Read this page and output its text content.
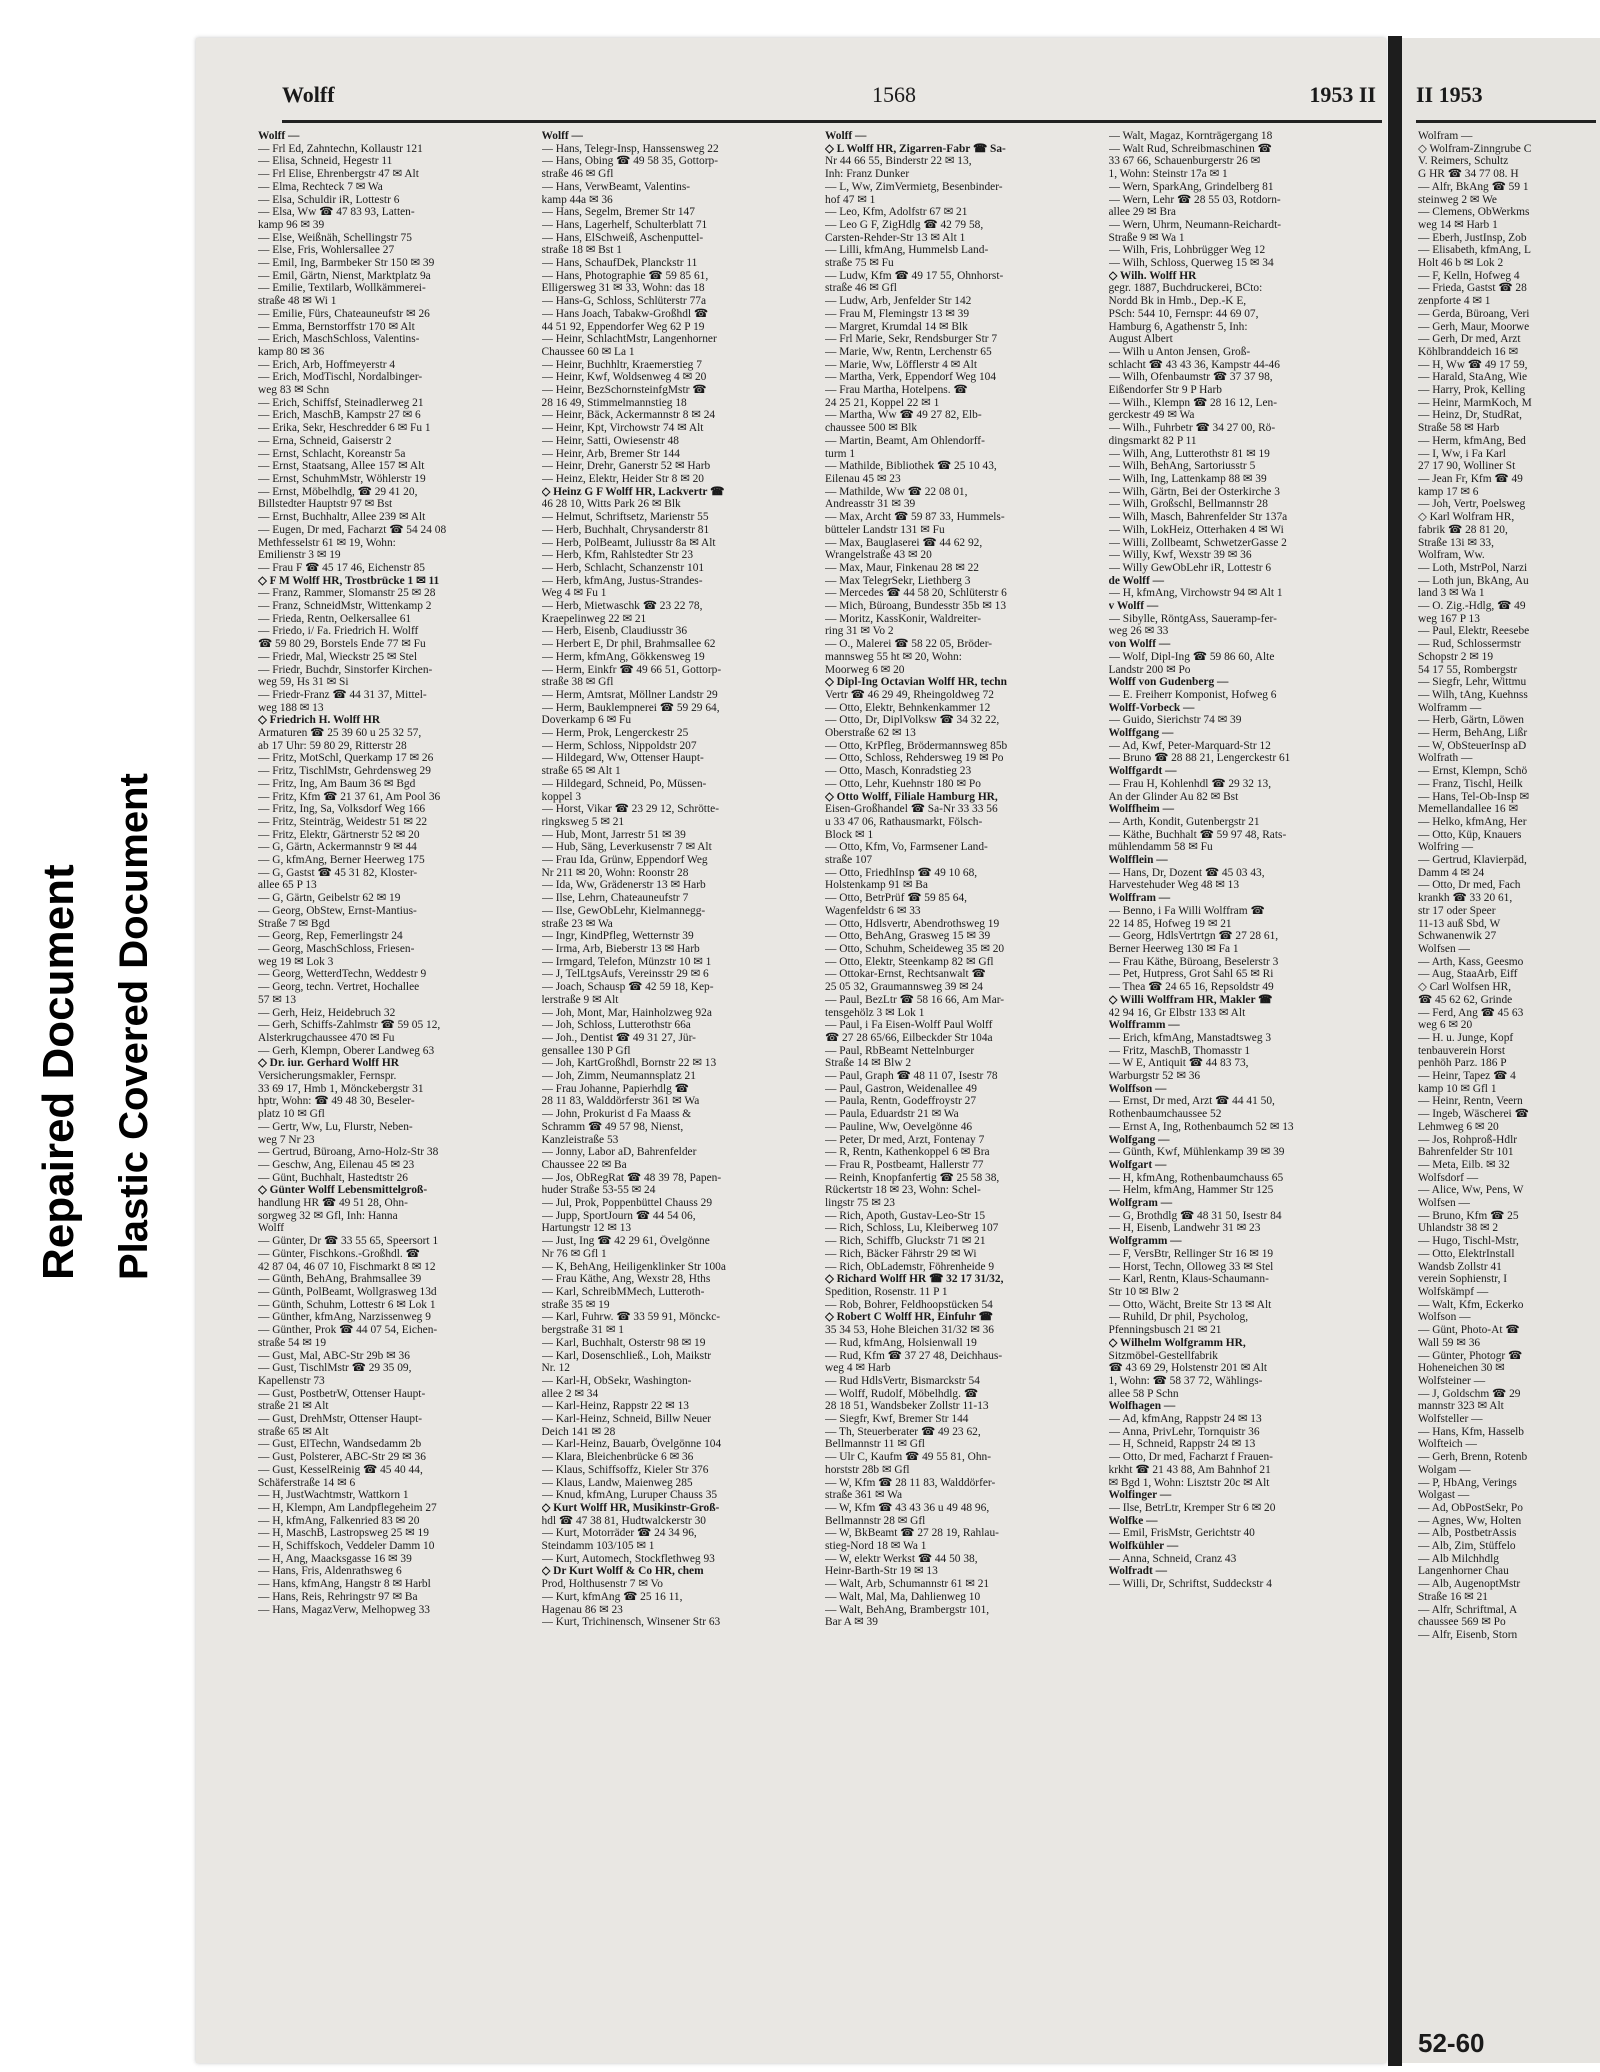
Repaired Document Plastic Covered Document
Wolff	1568	1953 II
Wolff —
— Frl Ed, Zahntechn, Kollaustr 121
— Elisa, Schneid, Hegestr 11
— Frl Elise, Ehrenbergstr 47 ✉ Alt
— Elma, Rechteck 7 ✉ Wa
— Elsa, Schuldir iR, Lottestr 6
— Elsa, Ww ☎ 47 83 93, Latten-
kamp 96 ✉ 39
— Else, Weißnäh, Schellingstr 75
— Else, Fris, Wohlersallee 27
— Emil, Ing, Barmbeker Str 150 ✉ 39
— Emil, Gärtn, Nienst, Marktplatz 9a
— Emilie, Textilarb, Wollkämmerei-
straße 48 ✉ Wi 1
— Emilie, Fürs, Chateauneufstr ✉ 26
— Emma, Bernstorffstr 170 ✉ Alt
— Erich, MaschSchloss, Valentins-
kamp 80 ✉ 36
— Erich, Arb, Hoffmeyerstr 4
— Erich, ModTischl, Nordalbinger-
weg 83 ✉ Schn
— Erich, Schiffsf, Steinadlerweg 21
— Erich, MaschB, Kampstr 27 ✉ 6
— Erika, Sekr, Heschredder 6 ✉ Fu 1
— Erna, Schneid, Gaiserstr 2
— Ernst, Schlacht, Koreanstr 5a
— Ernst, Staatsang, Allee 157 ✉ Alt
— Ernst, SchuhmMstr, Wöhlerstr 19
— Ernst, Möbelhdlg, ☎ 29 41 20,
Billstedter Hauptstr 97 ✉ Bst
— Ernst, Buchhaltr, Allee 239 ✉ Alt
— Eugen, Dr med, Facharzt ☎ 54 24 08
Methfesselstr 61 ✉ 19, Wohn:
Emilienstr 3 ✉ 19
— Frau F ☎ 45 17 46, Eichenstr 85
◇ F M Wolff HR, Trostbrücke 1 ✉ 11
— Franz, Rammer, Slomanstr 25 ✉ 28
— Franz, SchneidMstr, Wittenkamp 2
— Frieda, Rentn, Oelkersallee 61
— Friedo, i/ Fa. Friedrich H. Wolff
☎ 59 80 29, Borstels Ende 77 ✉ Fu
— Friedr, Mal, Wieckstr 25 ✉ Stel
— Friedr, Buchdr, Sinstorfer Kirchen-
weg 59, Hs 31 ✉ Si
— Friedr-Franz ☎ 44 31 37, Mittel-
weg 188 ✉ 13
◇ Friedrich H. Wolff HR
Armaturen ☎ 25 39 60 u 25 32 57,
ab 17 Uhr: 59 80 29, Ritterstr 28
— Fritz, MotSchl, Querkamp 17 ✉ 26
— Fritz, TischlMstr, Gehrdensweg 29
— Fritz, Ing, Am Baum 36 ✉ Bgd
— Fritz, Kfm ☎ 21 37 61, Am Pool 36
— Fritz, Ing, Sa, Volksdorf Weg 166
— Fritz, Steinträg, Weidestr 51 ✉ 22
— Fritz, Elektr, Gärtnerstr 52 ✉ 20
— G, Gärtn, Ackermannstr 9 ✉ 44
— G, kfmAng, Berner Heerweg 175
— G, Gastst ☎ 45 31 82, Kloster-
allee 65 P 13
— G, Gärtn, Geibelstr 62 ✉ 19
— Georg, ObStew, Ernst-Mantius-
Straße 7 ✉ Bgd
— Georg, Rep, Femerlingstr 24
— Georg, MaschSchloss, Friesen-
weg 19 ✉ Lok 3
— Georg, WetterdTechn, Weddestr 9
— Georg, techn. Vertret, Hochallee
57 ✉ 13
— Gerh, Heiz, Heidebruch 32
— Gerh, Schiffs-Zahlmstr ☎ 59 05 12,
Alsterkrugchaussee 470 ✉ Fu
— Gerh, Klempn, Oberer Landweg 63
◇ Dr. iur. Gerhard Wolff HR
Versicherungsmakler, Fernspr.
33 69 17, Hmb 1, Mönckebergstr 31
hptr, Wohn: ☎ 49 48 30, Beseler-
platz 10 ✉ Gfl
— Gertr, Ww, Lu, Flurstr, Neben-
weg 7 Nr 23
— Gertrud, Büroang, Arno-Holz-Str 38
— Geschw, Ang, Eilenau 45 ✉ 23
— Günt, Buchhalt, Hastedtstr 26
◇ Günter Wolff Lebensmittelgroß-
handlung HR ☎ 49 51 28, Ohn-
sorgweg 32 ✉ Gfl, Inh: Hanna
Wolff
— Günter, Dr ☎ 33 55 65, Speersort 1
— Günter, Fischkons.-Großhdl. ☎
42 87 04, 46 07 10, Fischmarkt 8 ✉ 12
— Günth, BehAng, Brahmsallee 39
— Günth, PolBeamt, Wollgrasweg 13d
— Günth, Schuhm, Lottestr 6 ✉ Lok 1
— Günther, kfmAng, Narzissenweg 9
— Günther, Prok ☎ 44 07 54, Eichen-
straße 54 ✉ 19
— Gust, Mal, ABC-Str 29b ✉ 36
— Gust, TischlMstr ☎ 29 35 09,
Kapellenstr 73
— Gust, PostbetrW, Ottenser Haupt-
straße 21 ✉ Alt
— Gust, DrehMstr, Ottenser Haupt-
straße 65 ✉ Alt
— Gust, ElTechn, Wandsedamm 2b
— Gust, Polsterer, ABC-Str 29 ✉ 36
— Gust, KesselReinig ☎ 45 40 44,
Schäferstraße 14 ✉ 6
— H, JustWachtmstr, Wattkorn 1
— H, Klempn, Am Landpflegeheim 27
— H, kfmAng, Falkenried 83 ✉ 20
— H, MaschB, Lastropsweg 25 ✉ 19
— H, Schiffskoch, Veddeler Damm 10
— H, Ang, Maacksgasse 16 ✉ 39
— Hans, Fris, Aldenrathsweg 6
— Hans, kfmAng, Hangstr 8 ✉ Harbl
— Hans, Reis, Rehringstr 97 ✉ Ba
— Hans, MagazVerw, Melhopweg 33
Wolff —
— Hans, Telegr-Insp, Hanssensweg 22
— Hans, Obing ☎ 49 58 35, Gottorp-
straße 46 ✉ Gfl
— Hans, VerwBeamt, Valentins-
kamp 44a ✉ 36
— Hans, Segelm, Bremer Str 147
— Hans, Lagerhelf, Schulterblatt 71
— Hans, ElSchweiß, Aschenputtel-
straße 18 ✉ Bst 1
— Hans, SchaufDek, Planckstr 11
— Hans, Photographie ☎ 59 85 61,
Elligersweg 31 ✉ 33, Wohn: das 18
— Hans-G, Schloss, Schlüterstr 77a
— Hans Joach, Tabakw-Großhdl ☎
44 51 92, Eppendorfer Weg 62 P 19
— Heinr, SchlachtMstr, Langenhorner
Chaussee 60 ✉ La 1
— Heinr, Buchhltr, Kraemerstieg 7
— Heinr, Kwf, Woldsenweg 4 ✉ 20
— Heinr, BezSchornsteinfgMstr ☎
28 16 49, Stimmelmannstieg 18
— Heinr, Bäck, Ackermannstr 8 ✉ 24
— Heinr, Kpt, Virchowstr 74 ✉ Alt
— Heinr, Satti, Owiesenstr 48
— Heinr, Arb, Bremer Str 144
— Heinr, Drehr, Ganerstr 52 ✉ Harb
— Heinz, Elektr, Heider Str 8 ✉ 20
◇ Heinz G F Wolff HR, Lackvertr ☎
46 28 10, Witts Park 26 ✉ Blk
— Helmut, Schriftsetz, Marienstr 55
— Herb, Buchhalt, Chrysanderstr 81
— Herb, PolBeamt, Juliusstr 8a ✉ Alt
— Herb, Kfm, Rahlstedter Str 23
— Herb, Schlacht, Schanzenstr 101
— Herb, kfmAng, Justus-Strandes-
Weg 4 ✉ Fu 1
— Herb, Mietwaschk ☎ 23 22 78,
Kraepelinweg 22 ✉ 21
— Herb, Eisenb, Claudiusstr 36
— Herbert E, Dr phil, Brahmsallee 62
— Herm, kfmAng, Gökkensweg 19
— Herm, Einkfr ☎ 49 66 51, Gottorp-
straße 38 ✉ Gfl
— Herm, Amtsrat, Möllner Landstr 29
— Herm, Bauklempnerei ☎ 59 29 64,
Doverkamp 6 ✉ Fu
— Herm, Prok, Lengerckestr 25
— Herm, Schloss, Nippoldstr 207
— Hildegard, Ww, Ottenser Haupt-
straße 65 ✉ Alt 1
— Hildegard, Schneid, Po, Müssen-
koppel 3
— Horst, Vikar ☎ 23 29 12, Schrötte-
ringksweg 5 ✉ 21
— Hub, Mont, Jarrestr 51 ✉ 39
— Hub, Säng, Leverkusenstr 7 ✉ Alt
— Frau Ida, Grünw, Eppendorf Weg
Nr 211 ✉ 20, Wohn: Roonstr 28
— Ida, Ww, Grädenerstr 13 ✉ Harb
— Ilse, Lehrn, Chateauneufstr 7
— Ilse, GewObLehr, Kielmannegg-
straße 23 ✉ Wa
— Ingr, KindPfleg, Wetternstr 39
— Irma, Arb, Bieberstr 13 ✉ Harb
— Irmgard, Telefon, Münzstr 10 ✉ 1
— J, TelLtgsAufs, Vereinsstr 29 ✉ 6
— Joach, Schausp ☎ 42 59 18, Kep-
lerstraße 9 ✉ Alt
— Joh, Mont, Mar, Hainholzweg 92a
— Joh, Schloss, Lutterothstr 66a
— Joh., Dentist ☎ 49 31 27, Jür-
gensallee 130 P Gfl
— Joh, KartGroßhdl, Bornstr 22 ✉ 13
— Joh, Zimm, Neumannsplatz 21
— Frau Johanne, Papierhdlg ☎
28 11 83, Walddörferstr 361 ✉ Wa
— John, Prokurist d Fa Maass &
Schramm ☎ 49 57 98, Nienst,
Kanzleistraße 53
— Jonny, Labor aD, Bahrenfelder
Chaussee 22 ✉ Ba
— Jos, ObRegRat ☎ 48 39 78, Papen-
huder Straße 53-55 ✉ 24
— Jul, Prok, Poppenbüttel Chauss 29
— Jupp, SportJourn ☎ 44 54 06,
Hartungstr 12 ✉ 13
— Just, Ing ☎ 42 29 61, Övelgönne
Nr 76 ✉ Gfl 1
— K, BehAng, Heiligenklinker Str 100a
— Frau Käthe, Ang, Wexstr 28, Hths
— Karl, SchreibMMech, Lutteroth-
straße 35 ✉ 19
— Karl, Fuhrw. ☎ 33 59 91, Mönckc-
bergstraße 31 ✉ 1
— Karl, Buchhalt, Osterstr 98 ✉ 19
— Karl, Dosenschließ., Loh, Maikstr
Nr. 12
— Karl-H, ObSekr, Washington-
allee 2 ✉ 34
— Karl-Heinz, Rappstr 22 ✉ 13
— Karl-Heinz, Schneid, Billw Neuer
Deich 141 ✉ 28
— Karl-Heinz, Bauarb, Övelgönne 104
— Klara, Bleichenbrücke 6 ✉ 36
— Klaus, Schiffsoffz, Kieler Str 376
— Klaus, Landw, Maienweg 285
— Knud, kfmAng, Luruper Chauss 35
◇ Kurt Wolff HR, Musikinstr-Groß-
hdl ☎ 47 38 81, Hudtwalckerstr 30
— Kurt, Motorräder ☎ 24 34 96,
Steindamm 103/105 ✉ 1
— Kurt, Automech, Stockflethweg 93
◇ Dr Kurt Wolff & Co HR, chem
Prod, Holthusenstr 7 ✉ Vo
— Kurt, kfmAng ☎ 25 16 11,
Hagenau 86 ✉ 23
— Kurt, Trichinensch, Winsener Str 63
Wolff —
◇ L Wolff HR, Zigarren-Fabr ☎ Sa-
Nr 44 66 55, Binderstr 22 ✉ 13,
Inh: Franz Dunker
— L, Ww, ZimVermietg, Besenbinder-
hof 47 ✉ 1
— Leo, Kfm, Adolfstr 67 ✉ 21
— Leo G F, ZigHdlg ☎ 42 79 58,
Carsten-Rehder-Str 13 ✉ Alt 1
— Lilli, kfmAng, Hummelsb Land-
straße 75 ✉ Fu
— Ludw, Kfm ☎ 49 17 55, Ohnhorst-
straße 46 ✉ Gfl
— Ludw, Arb, Jenfelder Str 142
— Frau M, Flemingstr 13 ✉ 39
— Margret, Krumdal 14 ✉ Blk
— Frl Marie, Sekr, Rendsburger Str 7
— Marie, Ww, Rentn, Lerchenstr 65
— Marie, Ww, Löfflerstr 4 ✉ Alt
— Martha, Verk, Eppendorf Weg 104
— Frau Martha, Hotelpens. ☎
24 25 21, Koppel 22 ✉ 1
— Martha, Ww ☎ 49 27 82, Elb-
chaussee 500 ✉ Blk
— Martin, Beamt, Am Ohlendorff-
turm 1
— Mathilde, Bibliothek ☎ 25 10 43,
Eilenau 45 ✉ 23
— Mathilde, Ww ☎ 22 08 01,
Andreasstr 31 ✉ 39
— Max, Archt ☎ 59 87 33, Hummels-
bütteler Landstr 131 ✉ Fu
— Max, Bauglaserei ☎ 44 62 92,
Wrangelstraße 43 ✉ 20
— Max, Maur, Finkenau 28 ✉ 22
— Max TelegrSekr, Liethberg 3
— Mercedes ☎ 44 58 20, Schlüterstr 6
— Mich, Büroang, Bundesstr 35b ✉ 13
— Moritz, KassKonir, Waldreiter-
ring 31 ✉ Vo 2
— O., Malerei ☎ 58 22 05, Bröder-
mannsweg 55 ht ✉ 20, Wohn:
Moorweg 6 ✉ 20
◇ Dipl-Ing Octavian Wolff HR, techn
Vertr ☎ 46 29 49, Rheingoldweg 72
— Otto, Elektr, Behnkenkammer 12
— Otto, Dr, DiplVolksw ☎ 34 32 22,
Oberstraße 62 ✉ 13
— Otto, KrPfleg, Brödermannsweg 85b
— Otto, Schloss, Rehdersweg 19 ✉ Po
— Otto, Masch, Konradstieg 23
— Otto, Lehr, Kuehnstr 180 ✉ Po
◇ Otto Wolff, Filiale Hamburg HR,
Eisen-Großhandel ☎ Sa-Nr 33 33 56
u 33 47 06, Rathausmarkt, Fölsch-
Block ✉ 1
— Otto, Kfm, Vo, Farmsener Land-
straße 107
— Otto, FriedhInsp ☎ 49 10 68,
Holstenkamp 91 ✉ Ba
— Otto, BetrPrüf ☎ 59 85 64,
Wagenfeldstr 6 ✉ 33
— Otto, Hdlsvertr, Abendrothsweg 19
— Otto, BehAng, Grasweg 15 ✉ 39
— Otto, Schuhm, Scheideweg 35 ✉ 20
— Otto, Elektr, Steenkamp 82 ✉ Gfl
— Ottokar-Ernst, Rechtsanwalt ☎
25 05 32, Graumannsweg 39 ✉ 24
— Paul, BezLtr ☎ 58 16 66, Am Mar-
tensgehölz 3 ✉ Lok 1
— Paul, i Fa Eisen-Wolff Paul Wolff
☎ 27 28 65/66, Eilbeckder Str 104a
— Paul, RbBeamt Nettelnburger
Straße 14 ✉ Blw 2
— Paul, Graph ☎ 48 11 07, Isestr 78
— Paul, Gastron, Weidenallee 49
— Paula, Rentn, Godeffroystr 27
— Paula, Eduardstr 21 ✉ Wa
— Pauline, Ww, Oevelgönne 46
— Peter, Dr med, Arzt, Fontenay 7
— R, Rentn, Kathenkoppel 6 ✉ Bra
— Frau R, Postbeamt, Hallerstr 77
— Reinh, Knopfanfertig ☎ 25 58 38,
Rückertstr 18 ✉ 23, Wohn: Schel-
lingstr 75 ✉ 23
— Rich, Apoth, Gustav-Leo-Str 15
— Rich, Schloss, Lu, Kleiberweg 107
— Rich, Schiffb, Gluckstr 71 ✉ 21
— Rich, Bäcker Fährstr 29 ✉ Wi
— Rich, ObLademstr, Föhrenheide 9
◇ Richard Wolff HR ☎ 32 17 31/32,
Spedition, Rosenstr. 11 P 1
— Rob, Bohrer, Feldhoopstücken 54
◇ Robert C Wolff HR, Einfuhr ☎
35 34 53, Hohe Bleichen 31/32 ✉ 36
— Rud, kfmAng, Holsienwall 19
— Rud, Kfm ☎ 37 27 48, Deichhaus-
weg 4 ✉ Harb
— Rud HdlsVertr, Bismarckstr 54
— Wolff, Rudolf, Möbelhdlg. ☎
28 18 51, Wandsbeker Zollstr 11-13
— Siegfr, Kwf, Bremer Str 144
— Th, Steuerberater ☎ 49 23 62,
Bellmannstr 11 ✉ Gfl
— Ulr C, Kaufm ☎ 49 55 81, Ohn-
horststr 28b ✉ Gfl
— W, Kfm ☎ 28 11 83, Walddörfer-
straße 361 ✉ Wa
— W, Kfm ☎ 43 43 36 u 49 48 96,
Bellmannstr 28 ✉ Gfl
— W, BkBeamt ☎ 27 28 19, Rahlau-
stieg-Nord 18 ✉ Wa 1
— W, elektr Werkst ☎ 44 50 38,
Heinr-Barth-Str 19 ✉ 13
— Walt, Arb, Schumannstr 61 ✉ 21
— Walt, Mal, Ma, Dahlienweg 10
— Walt, BehAng, Brambergstr 101,
Bar A ✉ 39
— Walt, Magaz, Kornträgergang 18
— Walt Rud, Schreibmaschinen ☎
33 67 66, Schauenburgerstr 26 ✉
1, Wohn: Steinstr 17a ✉ 1
— Wern, SparkAng, Grindelberg 81
— Wern, Lehr ☎ 28 55 03, Rotdorn-
allee 29 ✉ Bra
— Wern, Uhrm, Neumann-Reichardt-
Straße 9 ✉ Wa 1
— Wilh, Fris, Lohbrügger Weg 12
— Wilh, Schloss, Querweg 15 ✉ 34
◇ Wilh. Wolff HR
gegr. 1887, Buchdruckerei, BCto:
Nordd Bk in Hmb., Dep.-K E,
PSch: 544 10, Fernspr: 44 69 07,
Hamburg 6, Agathenstr 5, Inh:
August Albert
— Wilh u Anton Jensen, Groß-
schlacht ☎ 43 43 36, Kampstr 44-46
— Wilh, Ofenbaumstr ☎ 37 37 98,
Eißendorfer Str 9 P Harb
— Wilh., Klempn ☎ 28 16 12, Len-
gerckestr 49 ✉ Wa
— Wilh., Fuhrbetr ☎ 34 27 00, Rö-
dingsmarkt 82 P 11
— Wilh, Ang, Lutterothstr 81 ✉ 19
— Wilh, BehAng, Sartoriusstr 5
— Wilh, Ing, Lattenkamp 88 ✉ 39
— Wilh, Gärtn, Bei der Osterkirche 3
— Wilh, Großschl, Bellmannstr 28
— Wilh, Masch, Bahrenfelder Str 137a
— Wilh, LokHeiz, Otterhaken 4 ✉ Wi
— Willi, Zollbeamt, SchwetzerGasse 2
— Willy, Kwf, Wexstr 39 ✉ 36
— Willy GewObLehr iR, Lottestr 6
de Wolff —
— H, kfmAng, Virchowstr 94 ✉ Alt 1
v Wolff —
— Sibylle, RöntgAss, Saueramp-fer-
weg 26 ✉ 33
von Wolff —
— Wolf, Dipl-Ing ☎ 59 86 60, Alte
Landstr 200 ✉ Po
Wolff von Gudenberg —
— E. Freiherr Komponist, Hofweg 6
Wolff-Vorbeck —
— Guido, Sierichstr 74 ✉ 39
Wolffgang —
— Ad, Kwf, Peter-Marquard-Str 12
— Bruno ☎ 28 88 21, Lengerckestr 61
Wolffgardt —
— Frau H, Kohlenhdl ☎ 29 32 13,
An der Glinder Au 82 ✉ Bst
Wolffheim —
— Arth, Kondit, Gutenbergstr 21
— Käthe, Buchhalt ☎ 59 97 48, Rats-
mühlendamm 58 ✉ Fu
Wolfflein —
— Hans, Dr, Dozent ☎ 45 03 43,
Harvestehuder Weg 48 ✉ 13
Wolffram —
— Benno, i Fa Willi Wolffram ☎
22 14 85, Hofweg 19 ✉ 21
— Georg, HdlsVertrtgn ☎ 27 28 61,
Berner Heerweg 130 ✉ Fa 1
— Frau Käthe, Büroang, Beselerstr 3
— Pet, Hutpress, Grot Sahl 65 ✉ Ri
— Thea ☎ 24 65 16, Repsoldstr 49
◇ Willi Wolffram HR, Makler ☎
42 94 16, Gr Elbstr 133 ✉ Alt
Wolfframm —
— Erich, kfmAng, Manstadtsweg 3
— Fritz, MaschB, Thomasstr 1
— W E, Antiquit ☎ 44 83 73,
Warburgstr 52 ✉ 36
Wolffson —
— Ernst, Dr med, Arzt ☎ 44 41 50,
Rothenbaumchaussee 52
— Ernst A, Ing, Rothenbaumch 52 ✉ 13
Wolfgang —
— Günth, Kwf, Mühlenkamp 39 ✉ 39
Wolfgart —
— H, kfmAng, Rothenbaumchauss 65
— Helm, kfmAng, Hammer Str 125
Wolfgram —
— G, Brothdlg ☎ 48 31 50, Isestr 84
— H, Eisenb, Landwehr 31 ✉ 23
Wolfgramm —
— F, VersBtr, Rellinger Str 16 ✉ 19
— Horst, Techn, Olloweg 33 ✉ Stel
— Karl, Rentn, Klaus-Schaumann-
Str 10 ✉ Blw 2
— Otto, Wächt, Breite Str 13 ✉ Alt
— Ruhild, Dr phil, Psycholog,
Pfenningsbusch 21 ✉ 21
◇ Wilhelm Wolfgramm HR,
Sitzmöbel-Gestellfabrik
☎ 43 69 29, Holstenstr 201 ✉ Alt
1, Wohn: ☎ 58 37 72, Wählings-
allee 58 P Schn
Wolfhagen —
— Ad, kfmAng, Rappstr 24 ✉ 13
— Anna, PrivLehr, Tornquistr 36
— H, Schneid, Rappstr 24 ✉ 13
— Otto, Dr med, Facharzt f Frauen-
krkht ☎ 21 43 88, Am Bahnhof 21
✉ Bgd 1, Wohn: Lisztstr 20c ✉ Alt
Wolfinger —
— Ilse, BetrLtr, Kremper Str 6 ✉ 20
Wolfke —
— Emil, FrisMstr, Gerichtstr 40
Wolfkühler —
— Anna, Schneid, Cranz 43
Wolfradt —
— Willi, Dr, Schriftst, Suddeckstr 4
II 1953
Wolfram —
◇ Wolfram-Zinngrube C
V. Reimers, Schultz
G HR ☎ 34 77 08. H
— Alfr, BkAng ☎ 59 1
steinweg 2 ✉ We
— Clemens, ObWerkms
weg 14 ✉ Harb 1
— Eberh, JustInsp, Zob
— Elisabeth, kfmAng, L
Holt 46 b ✉ Lok 2
— F, Kelln, Hofweg 4
— Frieda, Gastst ☎ 28
zenpforte 4 ✉ 1
— Gerda, Büroang, Veri
— Gerh, Maur, Moorwe
— Gerh, Dr med, Arzt
Köhlbranddeich 16 ✉
— H, Ww ☎ 49 17 59,
— Harald, StaAng, Wie
— Harry, Prok, Kelling
— Heinr, MarmKoch, M
— Heinz, Dr, StudRat,
Straße 58 ✉ Harb
— Herm, kfmAng, Bed
— I, Ww, i Fa Karl
27 17 90, Wolliner St
— Jean Fr, Kfm ☎ 49
kamp 17 ✉ 6
— Joh, Vertr, Poelsweg
◇ Karl Wolfram HR,
fabrik ☎ 28 81 20,
Straße 13i ✉ 33,
Wolfram, Ww.
— Loth, MstrPol, Narzi
— Loth jun, BkAng, Au
land 3 ✉ Wa 1
— O. Zig.-Hdlg, ☎ 49
weg 167 P 13
— Paul, Elektr, Reesebe
— Rud, Schlossermstr
Schopstr 2 ✉ 19
54 17 55, Rombergstr
— Siegfr, Lehr, Wittmu
— Wilh, tAng, Kuehnss
Wolframm —
— Herb, Gärtn, Löwen
— Herm, BehAng, Lißr
— W, ObSteuerInsp aD
Wolfrath —
— Ernst, Klempn, Schö
— Franz, Tischl, Heilk
— Hans, Tel-Ob-Insp ✉
Memellandallee 16 ✉
— Helko, kfmAng, Her
— Otto, Küp, Knauers
Wolfring —
— Gertrud, Klavierpäd,
Damm 4 ✉ 24
— Otto, Dr med, Fach
krankh ☎ 33 20 61,
str 17 oder Speer
11-13 auß Sbd, W
Schwanenwik 27
Wolfsen —
— Arth, Kass, Geesmo
— Aug, StaaArb, Eiff
◇ Carl Wolfsen HR,
☎ 45 62 62, Grinde
— Ferd, Ang ☎ 45 63
weg 6 ✉ 20
— H. u. Junge, Kopf
tenbauverein Horst
penhöh Parz. 186 P
— Heinr, Tapez ☎ 4
kamp 10 ✉ Gfl 1
— Heinr, Rentn, Veern
— Ingeb, Wäscherei ☎
Lehmweg 6 ✉ 20
— Jos, Rohproß-Hdlr
Bahrenfelder Str 101
— Meta, Eilb. ✉ 32
Wolfsdorf —
— Alice, Ww, Pens, W
Wolfsen —
— Bruno, Kfm ☎ 25
Uhlandstr 38 ✉ 2
— Hugo, Tischl-Mstr,
— Otto, ElektrInstall
Wandsb Zollstr 41
verein Sophienstr, I
Wolfskämpf —
— Walt, Kfm, Eckerko
Wolfson —
— Günt, Photo-At ☎
Wall 59 ✉ 36
— Günter, Photogr ☎
Hoheneichen 30 ✉
Wolfsteiner —
— J, Goldschm ☎ 29
mannstr 323 ✉ Alt
Wolfsteller —
— Hans, Kfm, Hasselb
Wolfteich —
— Gerh, Brenn, Rotenb
Wolgam —
— P, HbAng, Verings
Wolgast —
— Ad, ObPostSekr, Po
— Agnes, Ww, Holten
— Alb, PostbetrAssis
— Alb, Zim, Stüffelo
— Alb Milchhdlg
Langenhorner Chau
— Alb, AugenoptMstr
Straße 16 ✉ 21
— Alfr, Schriftmal, A
chaussee 569 ✉ Po
— Alfr, Eisenb, Storn
52-60
